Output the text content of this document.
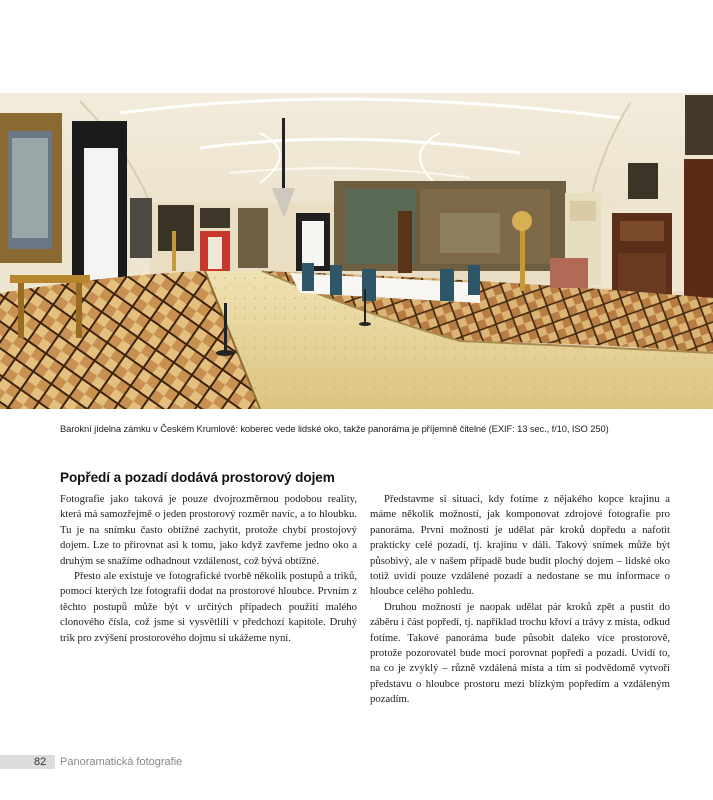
Barokní jídelna zámku v Českém Krumlově: koberec vede lidské oko, takže panoráma je příjemně čitelné (EXIF: 13 sec., f/10, ISO 250)
Popředí a pozadí dodává prostorový dojem

Fotografie jako taková je pouze dvojrozměrnou podobou reality, která má samozřejmě o jeden prostorový rozměr navíc, a to hloubku. Tu je na snímku často obtížné zachytit, protože chybí prostojový dojem. Lze to přirovnat asi k tomu, jako když zavřeme jedno oko a druhým se snažíme odhadnout vzdálenost, což bývá obtížné.

Přesto ale existuje ve fotografické tvorbě několik postupů a triků, pomocí kterých lze fotografii dodat na prostorové hloubce. Prvním z těchto postupů může být v určitých případech použití malého clonového čísla, což jsme si vysvětlili v předchozí kapitole. Druhý trik pro zvýšení prostorového dojmu si ukážeme nyní.

Představme si situaci, kdy fotíme z nějakého kopce krajinu a máme několik možností, jak komponovat zdrojové fotografie pro panoráma. První možností je udělat pár kroků dopředu a nafotit prakticky celé pozadí, tj. krajinu v dáli. Takový snímek může být působivý, ale v našem případě bude budit plochý dojem – lidské oko totiž uvidí pouze vzdálené pozadí a nedostane se mu informace o hloubce celého pohledu.

Druhou možností je naopak udělat pár kroků zpět a pustit do záběru i část popředí, tj. například trochu křoví a trávy z místa, odkud fotíme. Takové panoráma bude působit daleko více prostorově, protože pozorovatel bude moci porovnat popředí a pozadí. Uvidí to, na co je zvyklý – různě vzdálená místa a tím si podvědomě vytvoří představu o hloubce prostoru mezi blízkým popředím a vzdáleným pozadím.

82 Panoramatická fotografie
